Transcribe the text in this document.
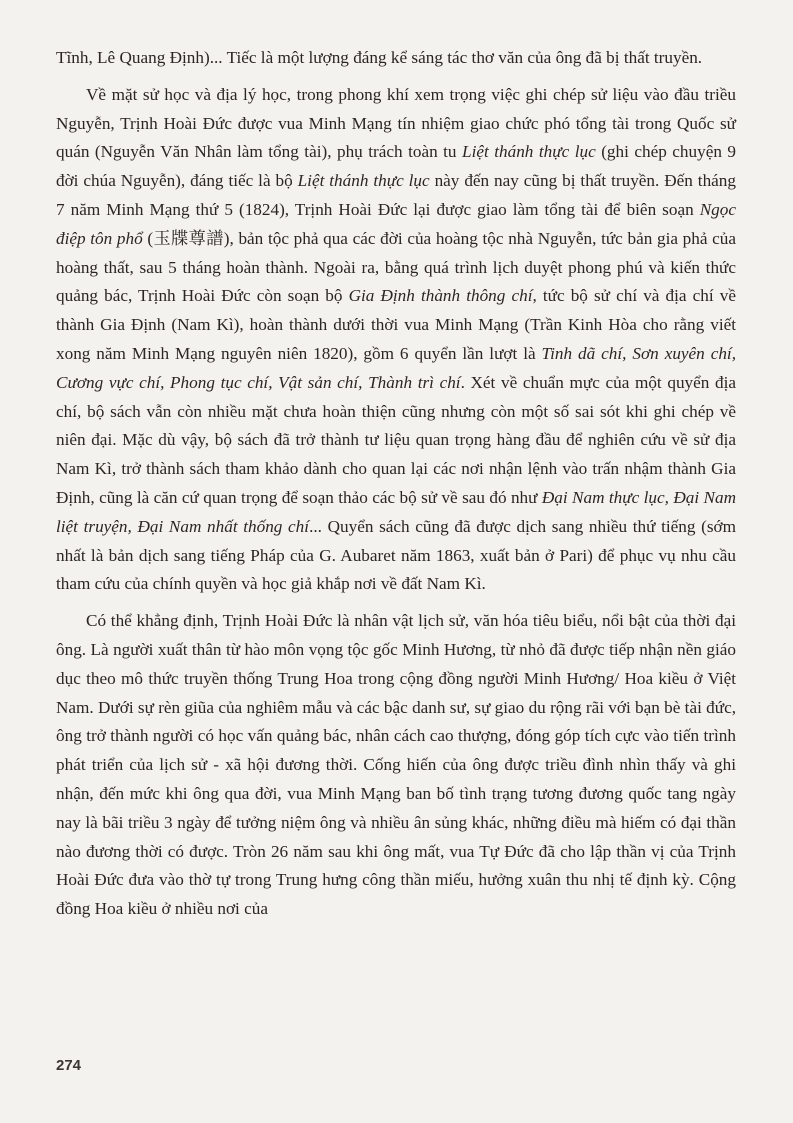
Tĩnh, Lê Quang Định)... Tiếc là một lượng đáng kể sáng tác thơ văn của ông đã bị thất truyền.

Về mặt sử học và địa lý học, trong phong khí xem trọng việc ghi chép sử liệu vào đầu triều Nguyễn, Trịnh Hoài Đức được vua Minh Mạng tín nhiệm giao chức phó tổng tài trong Quốc sử quán (Nguyễn Văn Nhân làm tổng tài), phụ trách toàn tu Liệt thánh thực lục (ghi chép chuyện 9 đời chúa Nguyễn), đáng tiếc là bộ Liệt thánh thực lục này đến nay cũng bị thất truyền. Đến tháng 7 năm Minh Mạng thứ 5 (1824), Trịnh Hoài Đức lại được giao làm tổng tài để biên soạn Ngọc điệp tôn phổ (玉牒尊譜), bản tộc phả qua các đời của hoàng tộc nhà Nguyễn, tức bản gia phả của hoàng thất, sau 5 tháng hoàn thành. Ngoài ra, bằng quá trình lịch duyệt phong phú và kiến thức quảng bác, Trịnh Hoài Đức còn soạn bộ Gia Định thành thông chí, tức bộ sử chí và địa chí về thành Gia Định (Nam Kì), hoàn thành dưới thời vua Minh Mạng (Trần Kinh Hòa cho rằng viết xong năm Minh Mạng nguyên niên 1820), gồm 6 quyển lần lượt là Tinh dã chí, Sơn xuyên chí, Cương vực chí, Phong tục chí, Vật sản chí, Thành trì chí. Xét về chuẩn mực của một quyển địa chí, bộ sách vẫn còn nhiều mặt chưa hoàn thiện cũng nhưng còn một số sai sót khi ghi chép về niên đại. Mặc dù vậy, bộ sách đã trở thành tư liệu quan trọng hàng đầu để nghiên cứu về sử địa Nam Kì, trở thành sách tham khảo dành cho quan lại các nơi nhận lệnh vào trấn nhậm thành Gia Định, cũng là căn cứ quan trọng để soạn thảo các bộ sử về sau đó như Đại Nam thực lục, Đại Nam liệt truyện, Đại Nam nhất thống chí... Quyển sách cũng đã được dịch sang nhiều thứ tiếng (sớm nhất là bản dịch sang tiếng Pháp của G. Aubaret năm 1863, xuất bản ở Pari) để phục vụ nhu cầu tham cứu của chính quyền và học giả khắp nơi về đất Nam Kì.

Có thể khẳng định, Trịnh Hoài Đức là nhân vật lịch sử, văn hóa tiêu biểu, nổi bật của thời đại ông. Là người xuất thân từ hào môn vọng tộc gốc Minh Hương, từ nhỏ đã được tiếp nhận nền giáo dục theo mô thức truyền thống Trung Hoa trong cộng đồng người Minh Hương/ Hoa kiều ở Việt Nam. Dưới sự rèn giũa của nghiêm mẫu và các bậc danh sư, sự giao du rộng rãi với bạn bè tài đức, ông trở thành người có học vấn quảng bác, nhân cách cao thượng, đóng góp tích cực vào tiến trình phát triển của lịch sử - xã hội đương thời. Cống hiến của ông được triều đình nhìn thấy và ghi nhận, đến mức khi ông qua đời, vua Minh Mạng ban bố tình trạng tương đương quốc tang ngày nay là bãi triều 3 ngày để tưởng niệm ông và nhiều ân sủng khác, những điều mà hiếm có đại thần nào đương thời có được. Tròn 26 năm sau khi ông mất, vua Tự Đức đã cho lập thần vị của Trịnh Hoài Đức đưa vào thờ tự trong Trung hưng công thần miếu, hưởng xuân thu nhị tế định kỳ. Cộng đồng Hoa kiều ở nhiều nơi của

274
